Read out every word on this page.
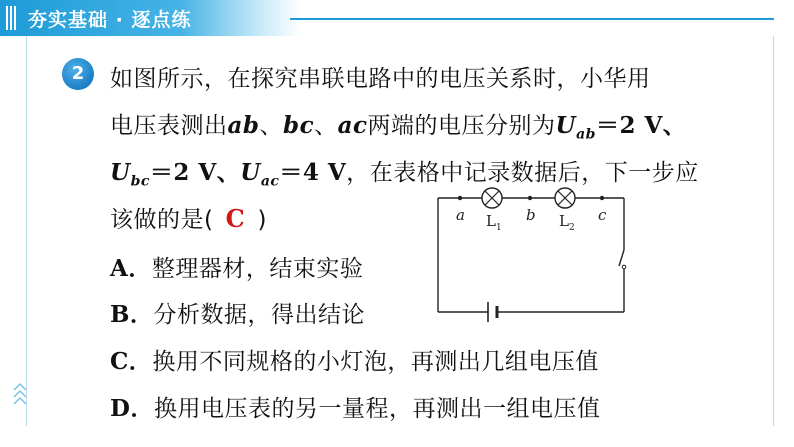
夯实基础 · 逐点练
2	如图所示，在探究串联电路中的电压关系时，小华用
电压表测出ab、bc、ac两端的电压分别为$U_{ab}=2$ V、
$U_{bc}=2$ V、$U_{ac}=4$ V，在表格中记录数据后，下一步应
该做的是( C )
A．整理器材，结束实验
B．分析数据，得出结论
C．换用不同规格的小灯泡，再测出几组电压值
D．换用电压表的另一量程，再测出一组电压值
a	b	c
L 1	L 2
